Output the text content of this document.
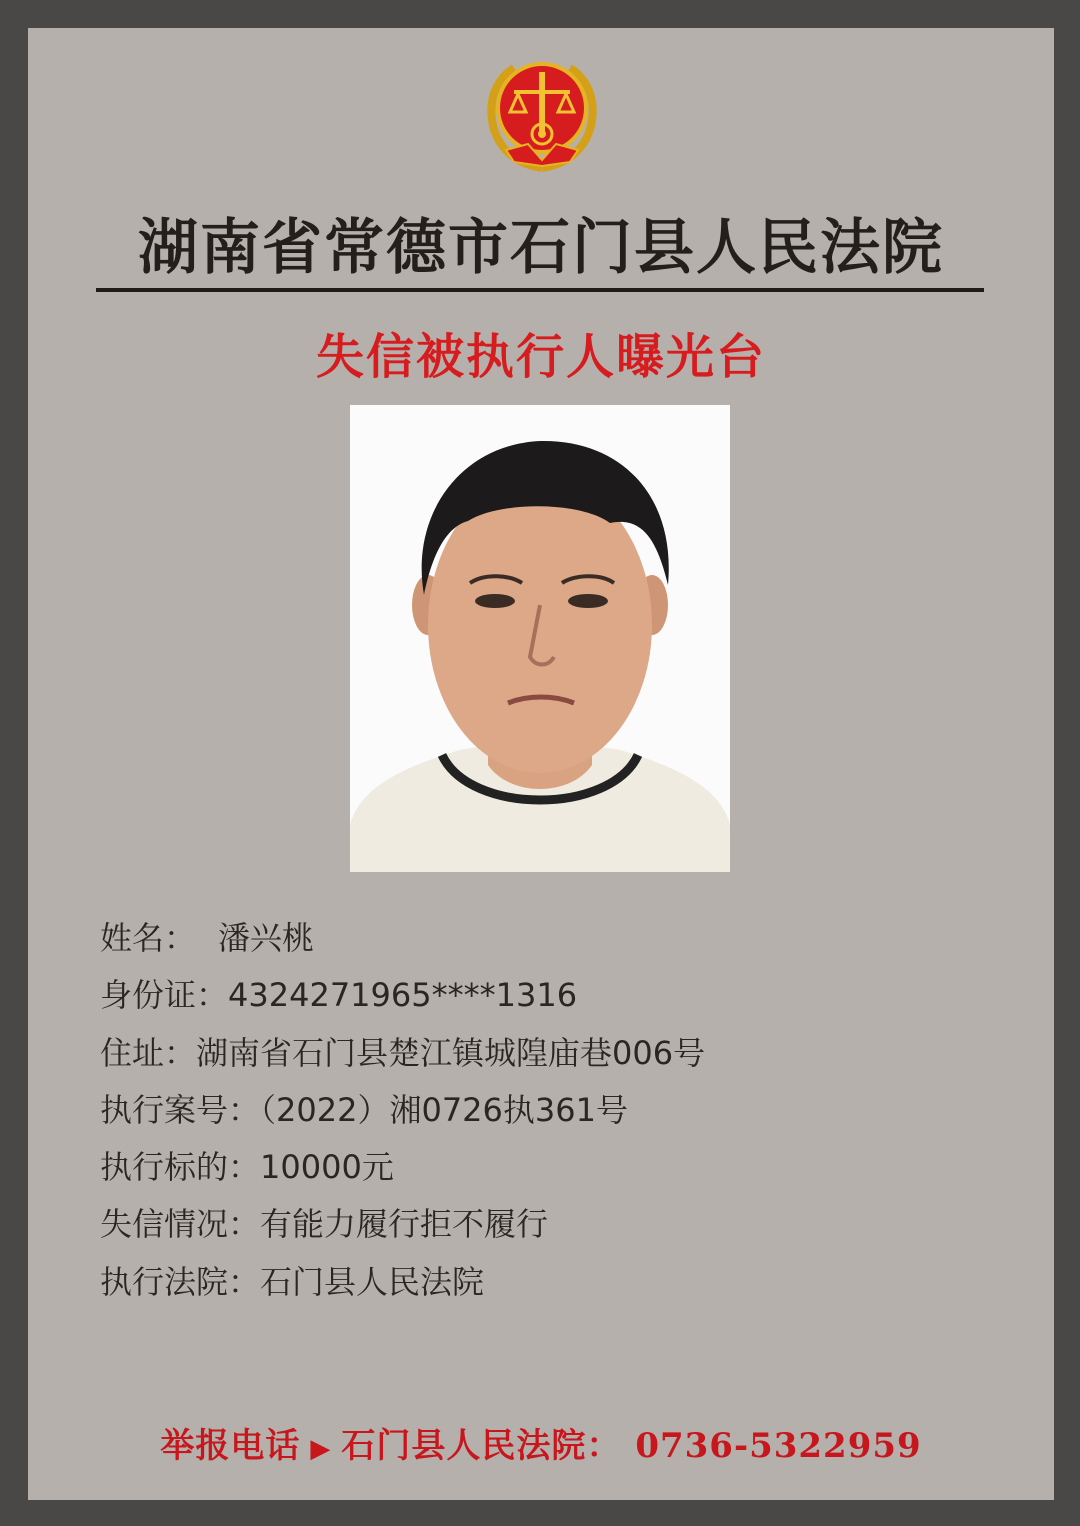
湖南省常德市石门县人民法院
失信被执行人曝光台
姓名： 潘兴桃
身份证：4324271965****1316
住址：湖南省石门县楚江镇城隍庙巷006号
执行案号：（2022）湘0726执361号
执行标的：10000元
失信情况：有能力履行拒不履行
执行法院：石门县人民法院
举报电话 ▶ 石门县人民法院： 0736-5322959
